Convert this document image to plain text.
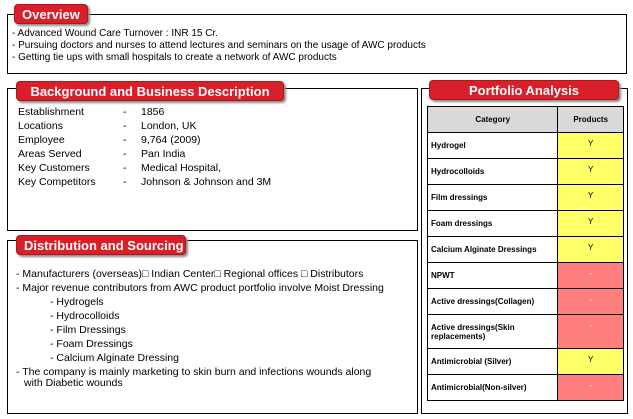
- Advanced Wound Care Turnover : INR 15 Cr.
- Pursuing doctors and nurses to attend lectures and seminars on the usage of AWC products
- Getting tie ups with small hospitals to create a network of AWC products
Overview
Establishment	- 1856
Locations	- London, UK
Employee	- 9,764 (2009)
Areas Served	- Pan India
Key Customers	- Medical Hospital,
Key Competitors	- Johnson & Johnson and 3M
Background and Business Description
- Manufacturers (overseas)□ Indian Center□ Regional offices □ Distributors
- Major revenue contributors from AWC product portfolio involve Moist Dressing
- Hydrogels
- Hydrocolloids
- Film Dressings
- Foam Dressings
- Calcium Alginate Dressing
- The company is mainly marketing to skin burn and infections wounds along
with Diabetic wounds
Distribution and Sourcing
Portfolio Analysis
Category	Products
Hydrogel	Y
Hydrocolloids	Y
Film dressings	Y
Foam dressings	Y
Calcium Alginate Dressings	Y
NPWT	-
Active dressings(Collagen)	-
Active dressings(Skin replacements)	-
Antimicrobial (Silver)	Y
Antimicrobial(Non-silver)	-
